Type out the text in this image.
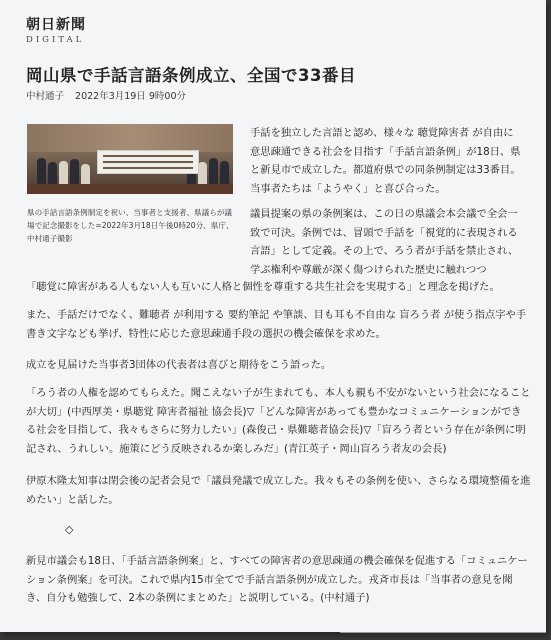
朝日新聞
DIGITAL
岡山県で手話言語条例成立、全国で33番目
中村通子 2022年3月19日 9時00分
県の手話言語条例制定を祝い、当事者と支援者、県議らが議場で記念撮影をした=2022年3月18日午後0時20分、県庁、中村通子撮影
手話を独立した言語と認め、様々な 聴覚障害者 が自由に意思疎通できる社会を目指す「手話言語条例」が18日、県と新見市で成立した。都道府県での同条例制定は33番目。当事者たちは「ようやく」と喜び合った。
議員提案の県の条例案は、この日の県議会本会議で全会一致で可決。条例では、冒頭で手話を「視覚的に表現される言語」として定義。その上で、ろう者が手話を禁止され、学ぶ権利や尊厳が深く傷つけられた歴史に触れつつ
「聴覚に障害がある人もない人も互いに人格と個性を尊重する共生社会を実現する」と理念を掲げた。
また、手話だけでなく、難聴者 が利用する 要約筆記 や筆談、目も耳も不自由な 盲ろう者 が使う指点字や手書き文字なども挙げ、特性に応じた意思疎通手段の選択の機会確保を求めた。
成立を見届けた当事者3団体の代表者は喜びと期待をこう語った。
「ろう者の人権を認めてもらえた。聞こえない子が生まれても、本人も親も不安がないという社会になることが大切」(中西厚美・県聴覚 障害者福祉 協会長)▽「どんな障害があっても豊かなコミュニケーションができる社会を目指して、我々もさらに努力したい」(森俊己・県難聴者協会長)▽「盲ろう者という存在が条例に明記され、うれしい。施策にどう反映されるか楽しみだ」(青江英子・岡山盲ろう者友の会長)
伊原木隆太知事は閉会後の記者会見で「議員発議で成立した。我々もその条例を使い、さらなる環境整備を進めたい」と話した。
◇
新見市議会も18日、「手話言語条例案」と、すべての障害者の意思疎通の機会確保を促進する「コミュニケーション条例案」を可決。これで県内15市全てで手話言語条例が成立した。戎斉市長は「当事者の意見を聞き、自分も勉強して、2本の条例にまとめた」と説明している。(中村通子)
